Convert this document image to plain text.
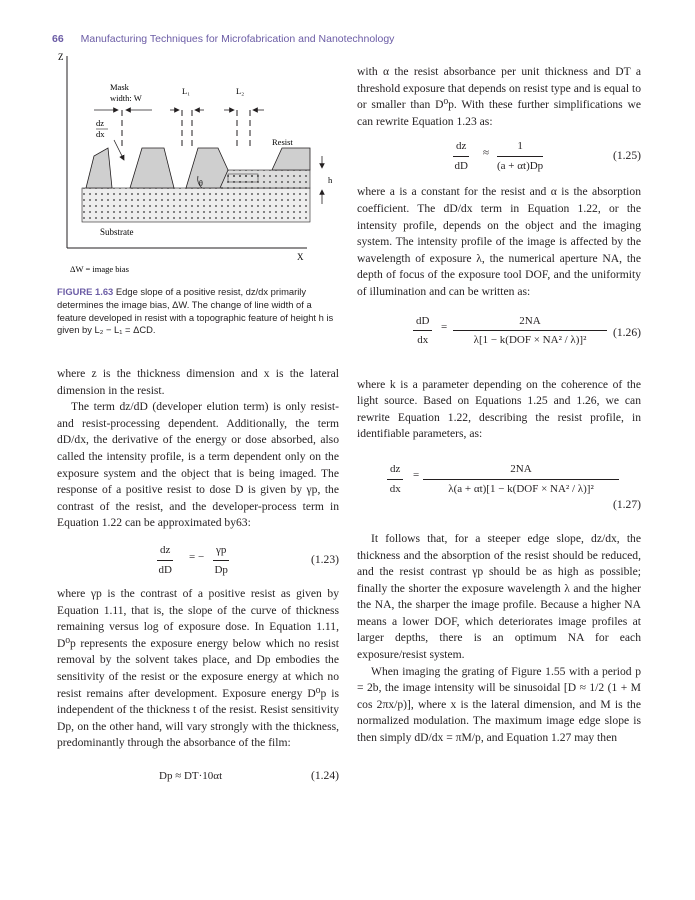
66 Manufacturing Techniques for Microfabrication and Nanotechnology
Z
X
Substrate
θ
Mask
width: W
L₁	L₂
dz
dx
Resist
h
ΔW = image bias
FIGURE 1.63 Edge slope of a positive resist, dz/dx primarily determines the image bias, ΔW. The change of line width of a feature developed in resist with a topographic feature of height h is given by L₂ − L₁ = ΔCD.

where z is the thickness dimension and x is the lateral dimension in the resist.

The term dz/dD (developer elution term) is only resist- and resist-processing dependent. Additionally, the term dD/dx, the derivative of the energy or dose absorbed, also called the intensity profile, is a term dependent only on the exposure system and the object that is being imaged. The response of a positive resist to dose D is given by γp, the contrast of the resist, and the developer-process term in Equation 1.22 can be approximated by63:

$\frac{dz}{dD}$ = − $\frac{\gamma p}{Dp}$	(1.23)

where γp is the contrast of a positive resist as given by Equation 1.11, that is, the slope of the curve of thickness remaining versus log of exposure dose. In Equation 1.11, D⁰p represents the exposure energy below which no resist removal by the solvent takes place, and Dp embodies the sensitivity of the resist or the exposure energy at which no resist remains after development. Exposure energy D⁰p is independent of the thickness t of the resist. Resist sensitivity Dp, on the other hand, will vary strongly with the thickness, predominantly through the absorbance of the film:

Dp ≈ DT·10αt	(1.24)

with α the resist absorbance per unit thickness and DT a threshold exposure that depends on resist type and is equal to or smaller than D⁰p. With these further simplifications we can rewrite Equation 1.23 as:

$\frac{dz}{dD} \approx \frac{1}{(a + \alpha t)Dp}$	(1.25)

where a is a constant for the resist and α is the absorption coefficient. The dD/dx term in Equation 1.22, or the intensity profile, depends on the object and the imaging system. The intensity profile of the image is affected by the wavelength of exposure λ, the numerical aperture NA, the depth of focus of the exposure tool DOF, and the uniformity of illumination and can be written as:

$\frac{dD}{dx}$ =	2NA
λ[1 − k(DOF × NA² / λ)]²
(1.26)

where k is a parameter depending on the coherence of the light source. Based on Equations 1.25 and 1.26, we can rewrite Equation 1.22, describing the resist profile, in identifiable parameters, as:

$\frac{dz}{dx}$ =	2NA
λ(a + αt)[1 − k(DOF × NA² / λ)]²
(1.27)

It follows that, for a steeper edge slope, dz/dx, the thickness and the absorption of the resist should be reduced, and the resist contrast γp should be as high as possible; finally the shorter the exposure wavelength λ and the higher the NA, the sharper the image profile. Because a higher NA means a lower DOF, which deteriorates image profiles at larger depths, there is an optimum NA for each exposure/resist system.

When imaging the grating of Figure 1.55 with a period p = 2b, the image intensity will be sinusoidal [D ≈ 1/2 (1 + M cos 2πx/p)], where x is the lateral dimension, and M is the normalized modulation. The maximum image edge slope is then simply dD/dx = πM/p, and Equation 1.27 may then
